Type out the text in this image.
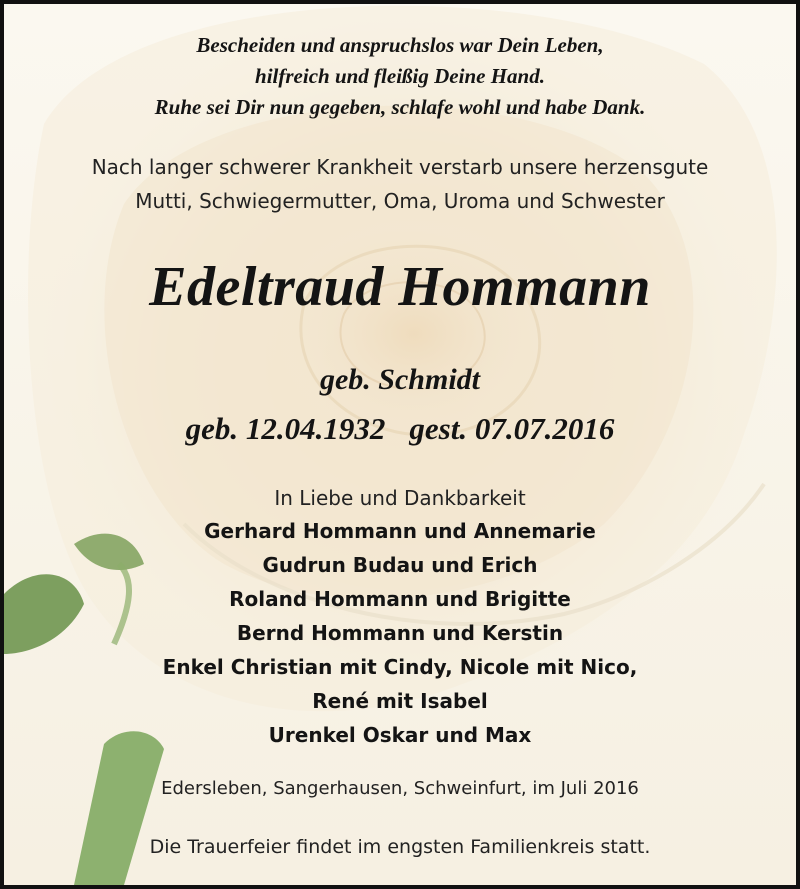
Bescheiden und anspruchslos war Dein Leben,
hilfreich und fleißig Deine Hand.
Ruhe sei Dir nun gegeben, schlafe wohl und habe Dank.
Nach langer schwerer Krankheit verstarb unsere herzensgute
Mutti, Schwiegermutter, Oma, Uroma und Schwester
Edeltraud Hommann
geb. Schmidt
geb. 12.04.1932 gest. 07.07.2016
In Liebe und Dankbarkeit
Gerhard Hommann und Annemarie
Gudrun Budau und Erich
Roland Hommann und Brigitte
Bernd Hommann und Kerstin
Enkel Christian mit Cindy, Nicole mit Nico,
René mit Isabel
Urenkel Oskar und Max
Edersleben, Sangerhausen, Schweinfurt, im Juli 2016
Die Trauerfeier findet im engsten Familienkreis statt.
